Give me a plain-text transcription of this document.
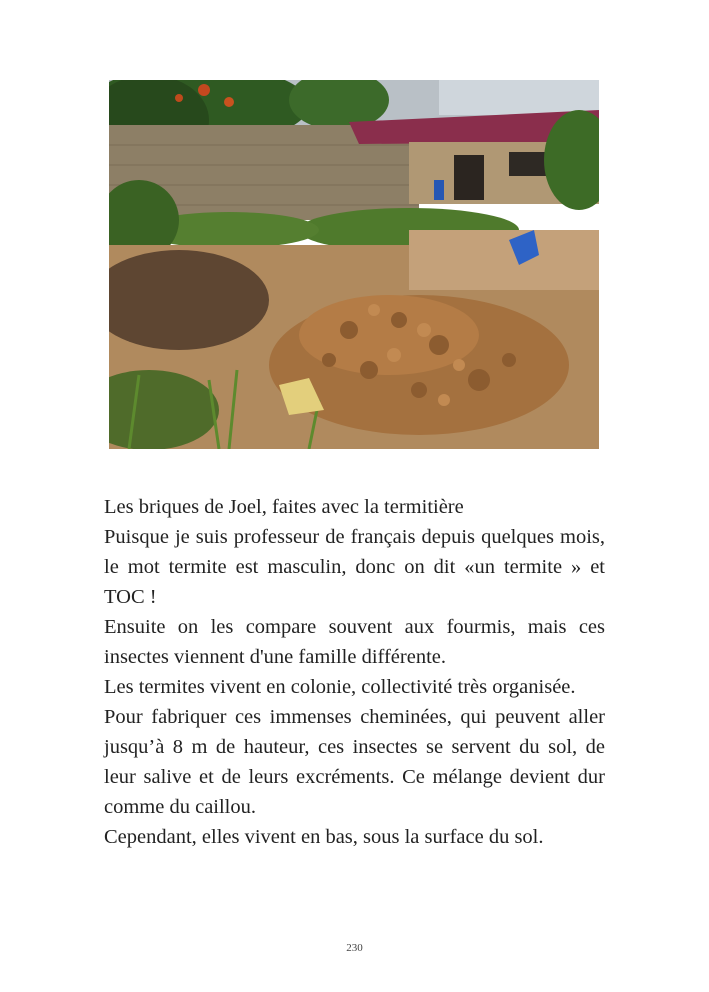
Les briques de Joel, faites avec la termitière

Puisque je suis professeur de français depuis quelques mois, le mot termite est masculin, donc on dit «un termite » et TOC !

Ensuite on les compare souvent aux fourmis, mais ces insectes viennent d'une famille différente.

Les termites vivent en colonie, collectivité très organisée.

Pour fabriquer ces immenses cheminées, qui peuvent aller jusqu’à 8 m de hauteur, ces insectes se servent du sol, de leur salive et de leurs excréments. Ce mélange devient dur comme du caillou.

Cependant, elles vivent en bas, sous la surface du sol.

230
